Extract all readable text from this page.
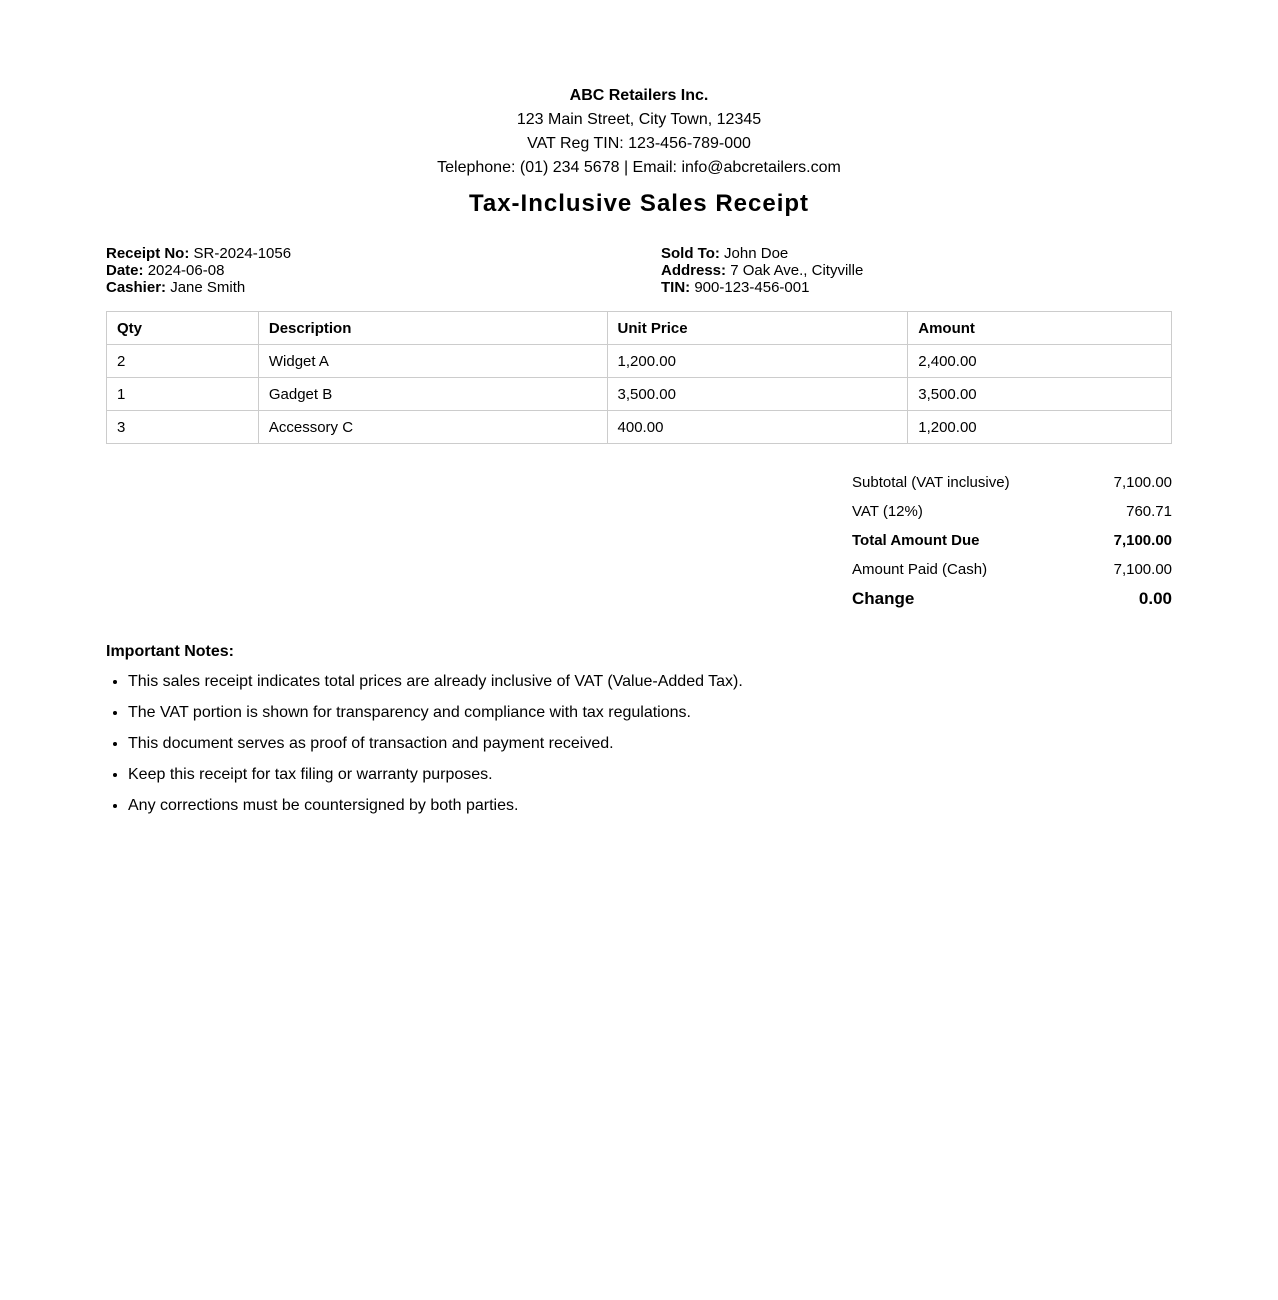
ABC Retailers Inc.
123 Main Street, City Town, 12345
VAT Reg TIN: 123-456-789-000
Telephone: (01) 234 5678 | Email: info@abcretailers.com
Tax-Inclusive Sales Receipt
Receipt No: SR-2024-1056
Date: 2024-06-08
Cashier: Jane Smith
Sold To: John Doe
Address: 7 Oak Ave., Cityville
TIN: 900-123-456-001
Qty	Description	Unit Price	Amount
2	Widget A	1,200.00	2,400.00
1	Gadget B	3,500.00	3,500.00
3	Accessory C	400.00	1,200.00
Subtotal (VAT inclusive)	7,100.00
VAT (12%)	760.71
Total Amount Due	7,100.00
Amount Paid (Cash)	7,100.00
Change	0.00
Important Notes:
• This sales receipt indicates total prices are already inclusive of VAT (Value-Added Tax).
• The VAT portion is shown for transparency and compliance with tax regulations.
• This document serves as proof of transaction and payment received.
• Keep this receipt for tax filing or warranty purposes.
• Any corrections must be countersigned by both parties.
